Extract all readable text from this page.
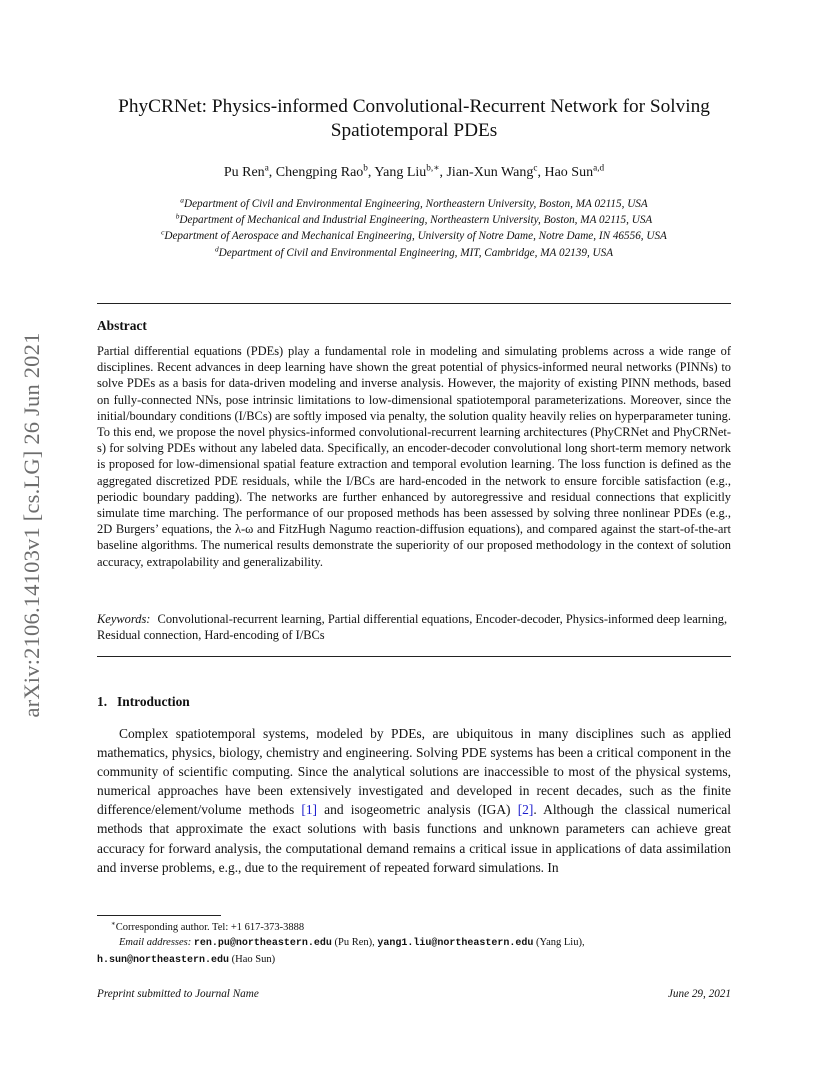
arXiv:2106.14103v1 [cs.LG] 26 Jun 2021
PhyCRNet: Physics-informed Convolutional-Recurrent Network for Solving
Spatiotemporal PDEs
Pu Ren$^a$, Chengping Rao$^b$, Yang Liu$^{b,∗}$, Jian-Xun Wang$^c$, Hao Sun$^{a,d}$
$^a$Department of Civil and Environmental Engineering, Northeastern University, Boston, MA 02115, USA
$^b$Department of Mechanical and Industrial Engineering, Northeastern University, Boston, MA 02115, USA
$^c$Department of Aerospace and Mechanical Engineering, University of Notre Dame, Notre Dame, IN 46556, USA
$^d$Department of Civil and Environmental Engineering, MIT, Cambridge, MA 02139, USA
Abstract
Partial differential equations (PDEs) play a fundamental role in modeling and simulating problems across a wide range of disciplines. Recent advances in deep learning have shown the great potential of physics-informed neural networks (PINNs) to solve PDEs as a basis for data-driven modeling and inverse analysis. However, the majority of existing PINN methods, based on fully-connected NNs, pose intrinsic limitations to low-dimensional spatiotemporal parameterizations. Moreover, since the initial/boundary conditions (I/BCs) are softly imposed via penalty, the solution quality heavily relies on hyperparameter tuning. To this end, we propose the novel physics-informed convolutional-recurrent learning architectures (PhyCRNet and PhyCRNet-s) for solving PDEs without any labeled data. Specifically, an encoder-decoder convolutional long short-term memory network is proposed for low-dimensional spatial feature extraction and temporal evolution learning. The loss function is defined as the aggregated discretized PDE residuals, while the I/BCs are hard-encoded in the network to ensure forcible satisfaction (e.g., periodic boundary padding). The networks are further enhanced by autoregressive and residual connections that explicitly simulate time marching. The performance of our proposed methods has been assessed by solving three nonlinear PDEs (e.g., 2D Burgers’ equations, the λ-ω and FitzHugh Nagumo reaction-diffusion equations), and compared against the start-of-the-art baseline algorithms. The numerical results demonstrate the superiority of our proposed methodology in the context of solution accuracy, extrapolability and generalizability.
Keywords: Convolutional-recurrent learning, Partial differential equations, Encoder-decoder, Physics-informed deep learning, Residual connection, Hard-encoding of I/BCs
1. Introduction
Complex spatiotemporal systems, modeled by PDEs, are ubiquitous in many disciplines such as applied mathematics, physics, biology, chemistry and engineering. Solving PDE systems has been a critical component in the community of scientific computing. Since the analytical solutions are inaccessible to most of the physical systems, numerical approaches have been extensively investigated and developed in recent decades, such as the finite difference/element/volume methods [1] and isogeometric analysis (IGA) [2]. Although the classical numerical methods that approximate the exact solutions with basis functions and unknown parameters can achieve great accuracy for forward analysis, the computational demand remains a critical issue in applications of data assimilation and inverse problems, e.g., due to the requirement of repeated forward simulations. In
∗Corresponding author. Tel: +1 617-373-3888
Email addresses: ren.pu@northeastern.edu (Pu Ren), yang1.liu@northeastern.edu (Yang Liu),
h.sun@northeastern.edu (Hao Sun)
Preprint submitted to Journal Name	June 29, 2021
